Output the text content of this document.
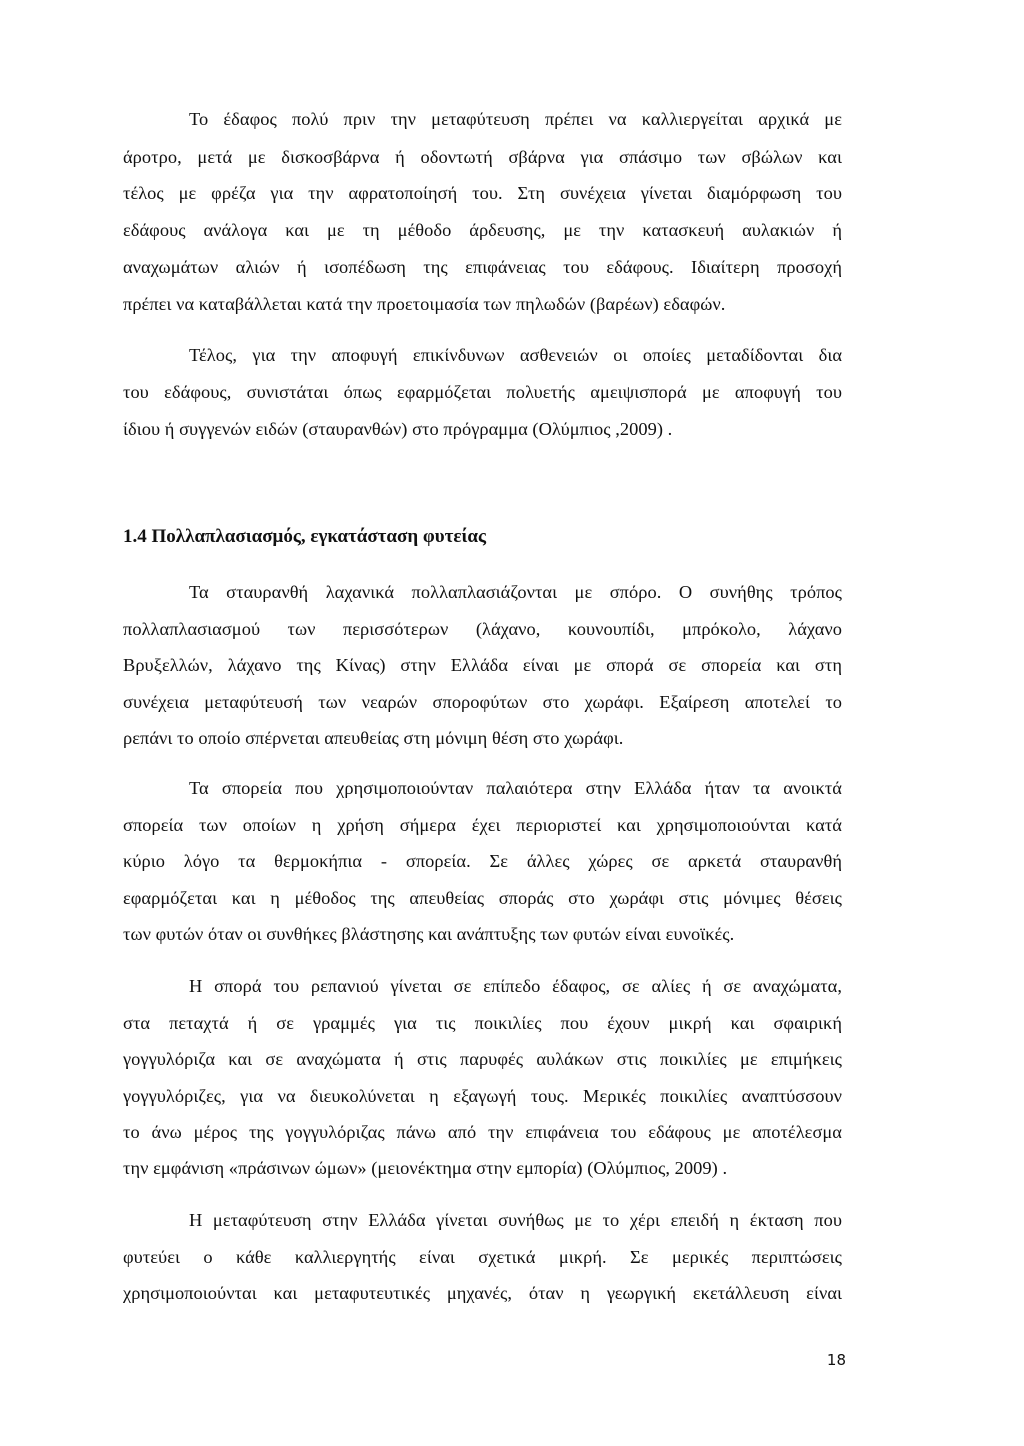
Το έδαφος πολύ πριν την μεταφύτευση πρέπει να καλλιεργείται αρχικά με
άροτρο, μετά με δισκοσβάρνα ή οδοντωτή σβάρνα για σπάσιμο των σβώλων και
τέλος με φρέζα για την αφρατοποίησή του. Στη συνέχεια γίνεται διαμόρφωση του
εδάφους ανάλογα και με τη μέθοδο άρδευσης, με την κατασκευή αυλακιών ή
αναχωμάτων αλιών ή ισοπέδωση της επιφάνειας του εδάφους. Ιδιαίτερη προσοχή
πρέπει να καταβάλλεται κατά την προετοιμασία των πηλωδών (βαρέων) εδαφών.
Τέλος, για την αποφυγή επικίνδυνων ασθενειών οι οποίες μεταδίδονται δια
του εδάφους, συνιστάται όπως εφαρμόζεται πολυετής αμειψισπορά με αποφυγή του
ίδιου ή συγγενών ειδών (σταυρανθών) στο πρόγραμμα (Ολύμπιος ,2009) .
1.4 Πολλαπλασιασμός, εγκατάσταση φυτείας
Τα σταυρανθή λαχανικά πολλαπλασιάζονται με σπόρο. Ο συνήθης τρόπος
πολλαπλασιασμού των περισσότερων (λάχανο, κουνουπίδι, μπρόκολο, λάχανο
Βρυξελλών, λάχανο της Κίνας) στην Ελλάδα είναι με σπορά σε σπορεία και στη
συνέχεια μεταφύτευσή των νεαρών σποροφύτων στο χωράφι. Εξαίρεση αποτελεί το
ρεπάνι το οποίο σπέρνεται απευθείας στη μόνιμη θέση στο χωράφι.
Τα σπορεία που χρησιμοποιούνταν παλαιότερα στην Ελλάδα ήταν τα ανοικτά
σπορεία των οποίων η χρήση σήμερα έχει περιοριστεί και χρησιμοποιούνται κατά
κύριο λόγο τα θερμοκήπια - σπορεία. Σε άλλες χώρες σε αρκετά σταυρανθή
εφαρμόζεται και η μέθοδος της απευθείας σποράς στο χωράφι στις μόνιμες θέσεις
των φυτών όταν οι συνθήκες βλάστησης και ανάπτυξης των φυτών είναι ευνοϊκές.
Η σπορά του ρεπανιού γίνεται σε επίπεδο έδαφος, σε αλίες ή σε αναχώματα,
στα πεταχτά ή σε γραμμές για τις ποικιλίες που έχουν μικρή και σφαιρική
γογγυλόριζα και σε αναχώματα ή στις παρυφές αυλάκων στις ποικιλίες με επιμήκεις
γογγυλόριζες, για να διευκολύνεται η εξαγωγή τους. Μερικές ποικιλίες αναπτύσσουν
το άνω μέρος της γογγυλόριζας πάνω από την επιφάνεια του εδάφους με αποτέλεσμα
την εμφάνιση «πράσινων ώμων» (μειονέκτημα στην εμπορία) (Ολύμπιος, 2009) .
Η μεταφύτευση στην Ελλάδα γίνεται συνήθως με το χέρι επειδή η έκταση που
φυτεύει ο κάθε καλλιεργητής είναι σχετικά μικρή. Σε μερικές περιπτώσεις
χρησιμοποιούνται και μεταφυτευτικές μηχανές, όταν η γεωργική εκετάλλευση είναι
18
